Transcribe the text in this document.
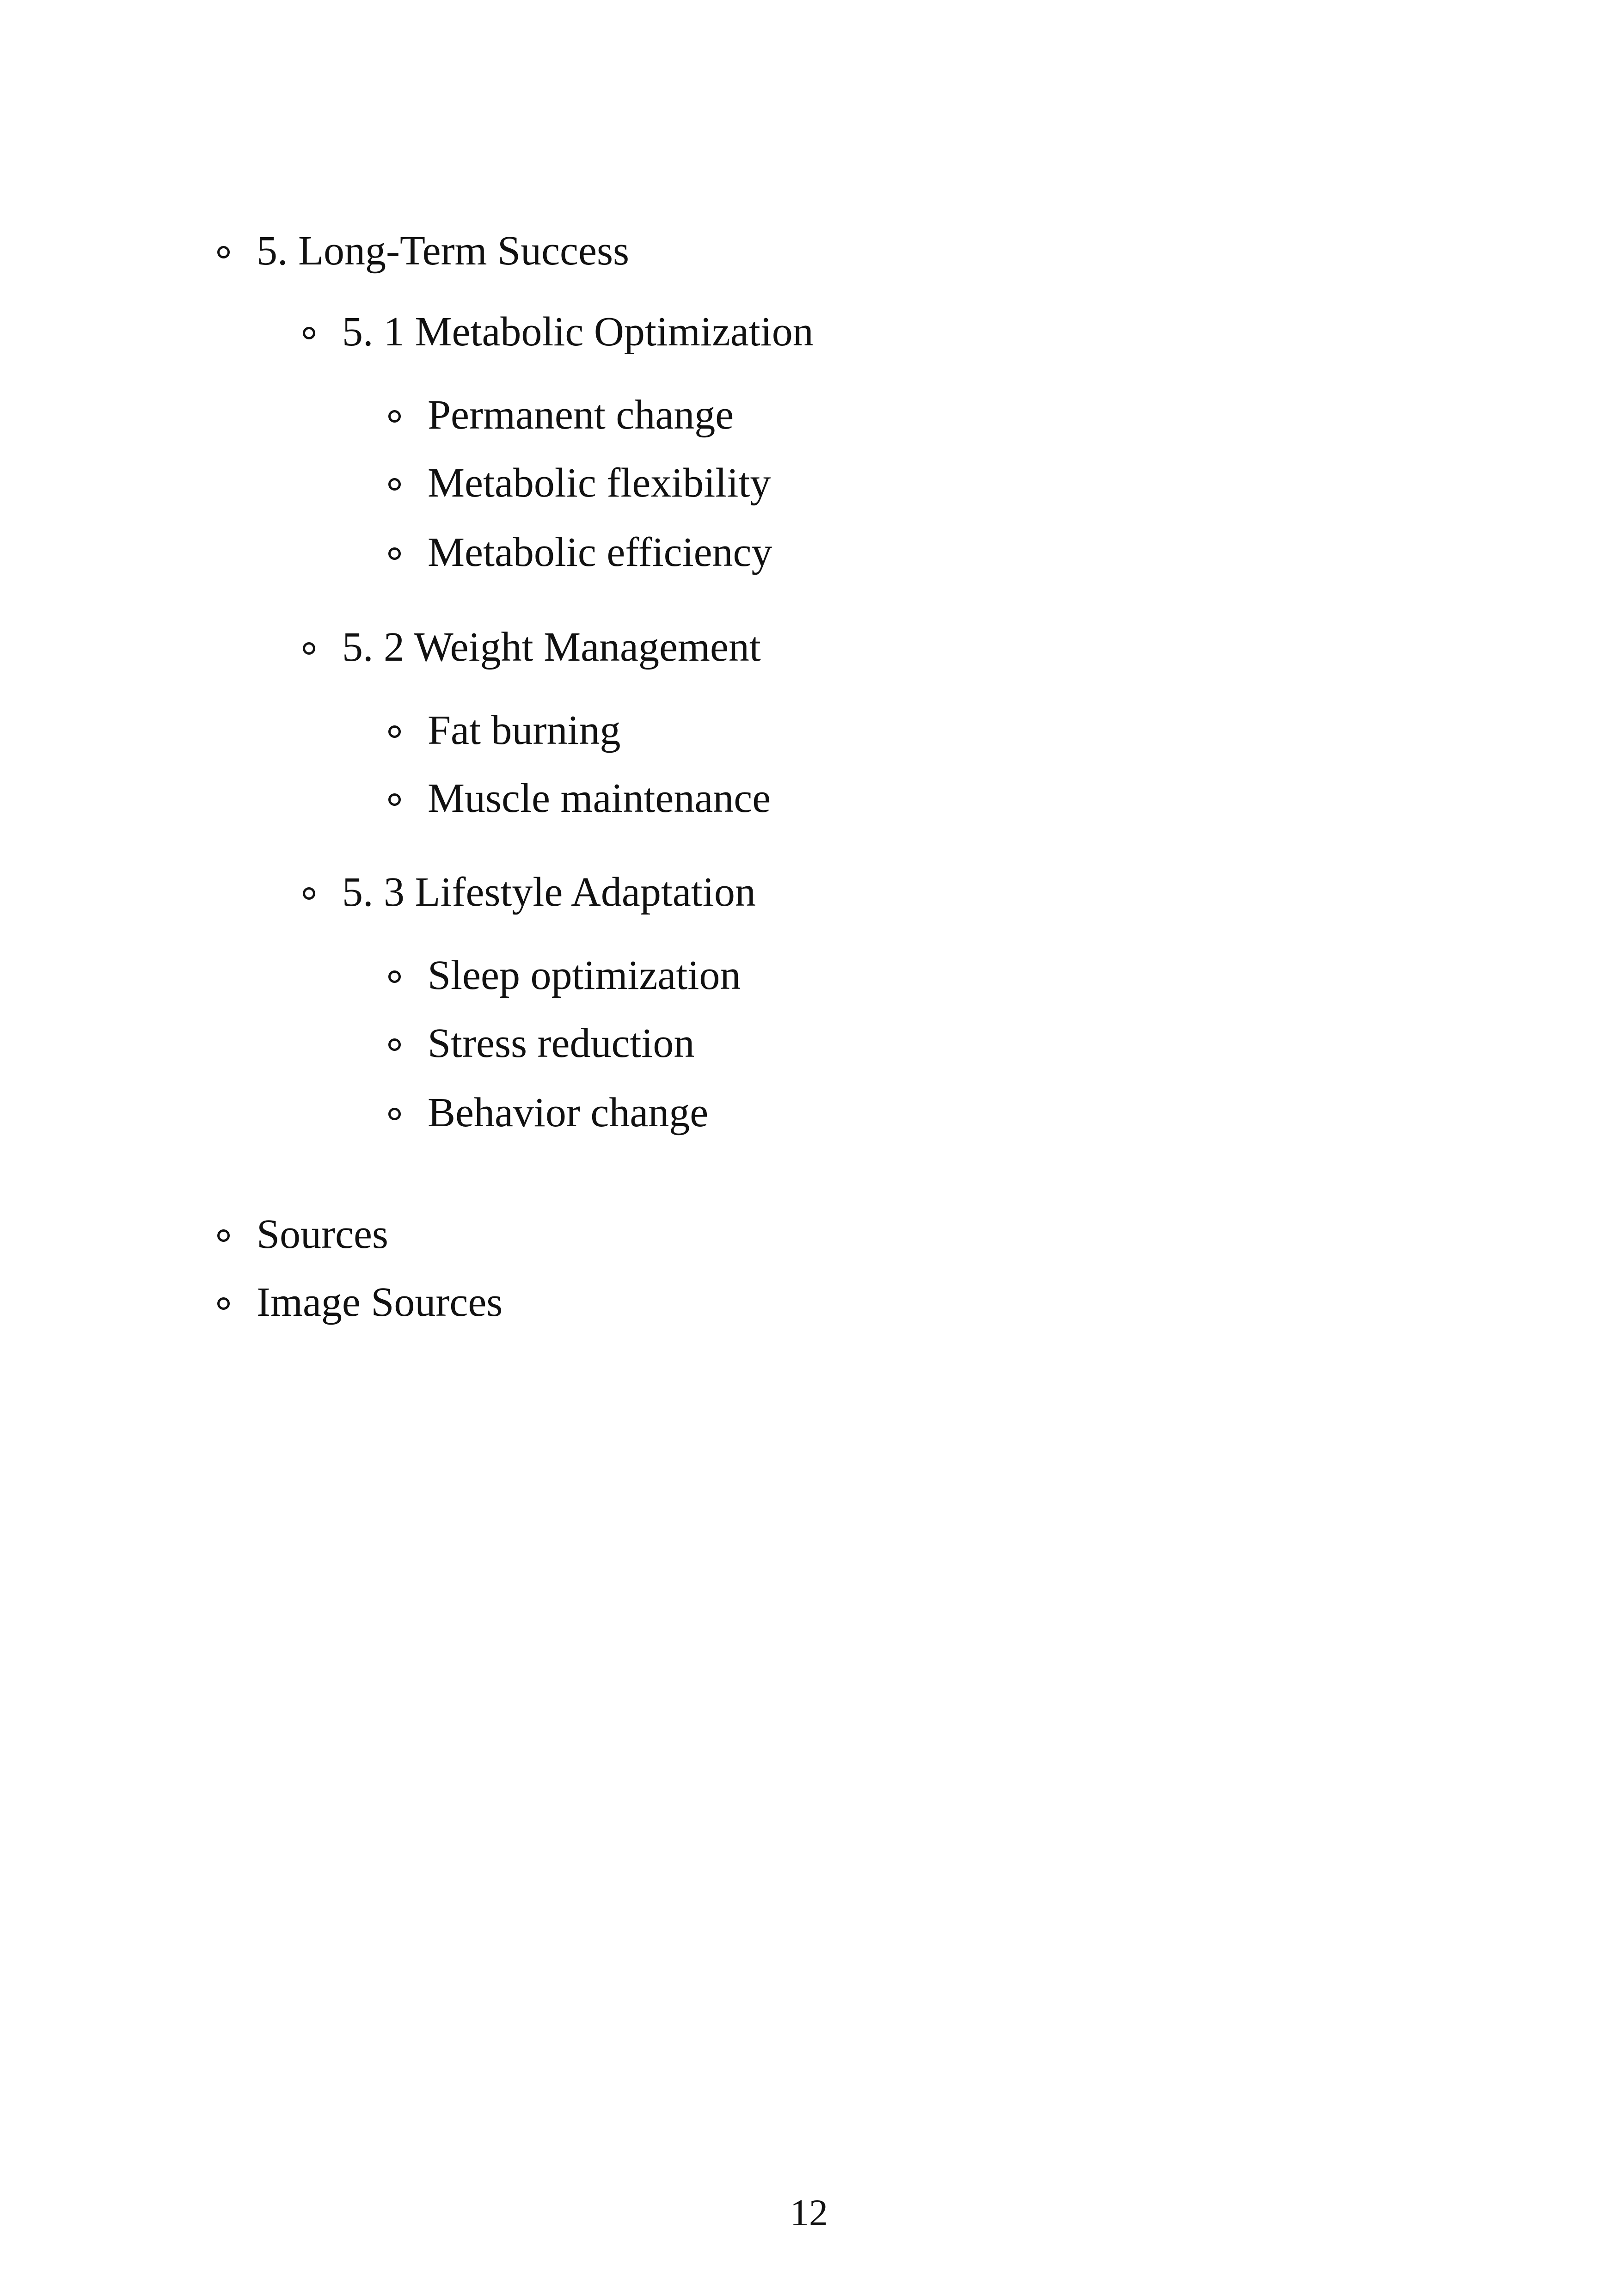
5. Long-Term Success
5. 1 Metabolic Optimization
Permanent change
Metabolic flexibility
Metabolic efficiency
5. 2 Weight Management
Fat burning
Muscle maintenance
5. 3 Lifestyle Adaptation
Sleep optimization
Stress reduction
Behavior change
Sources
Image Sources
12
